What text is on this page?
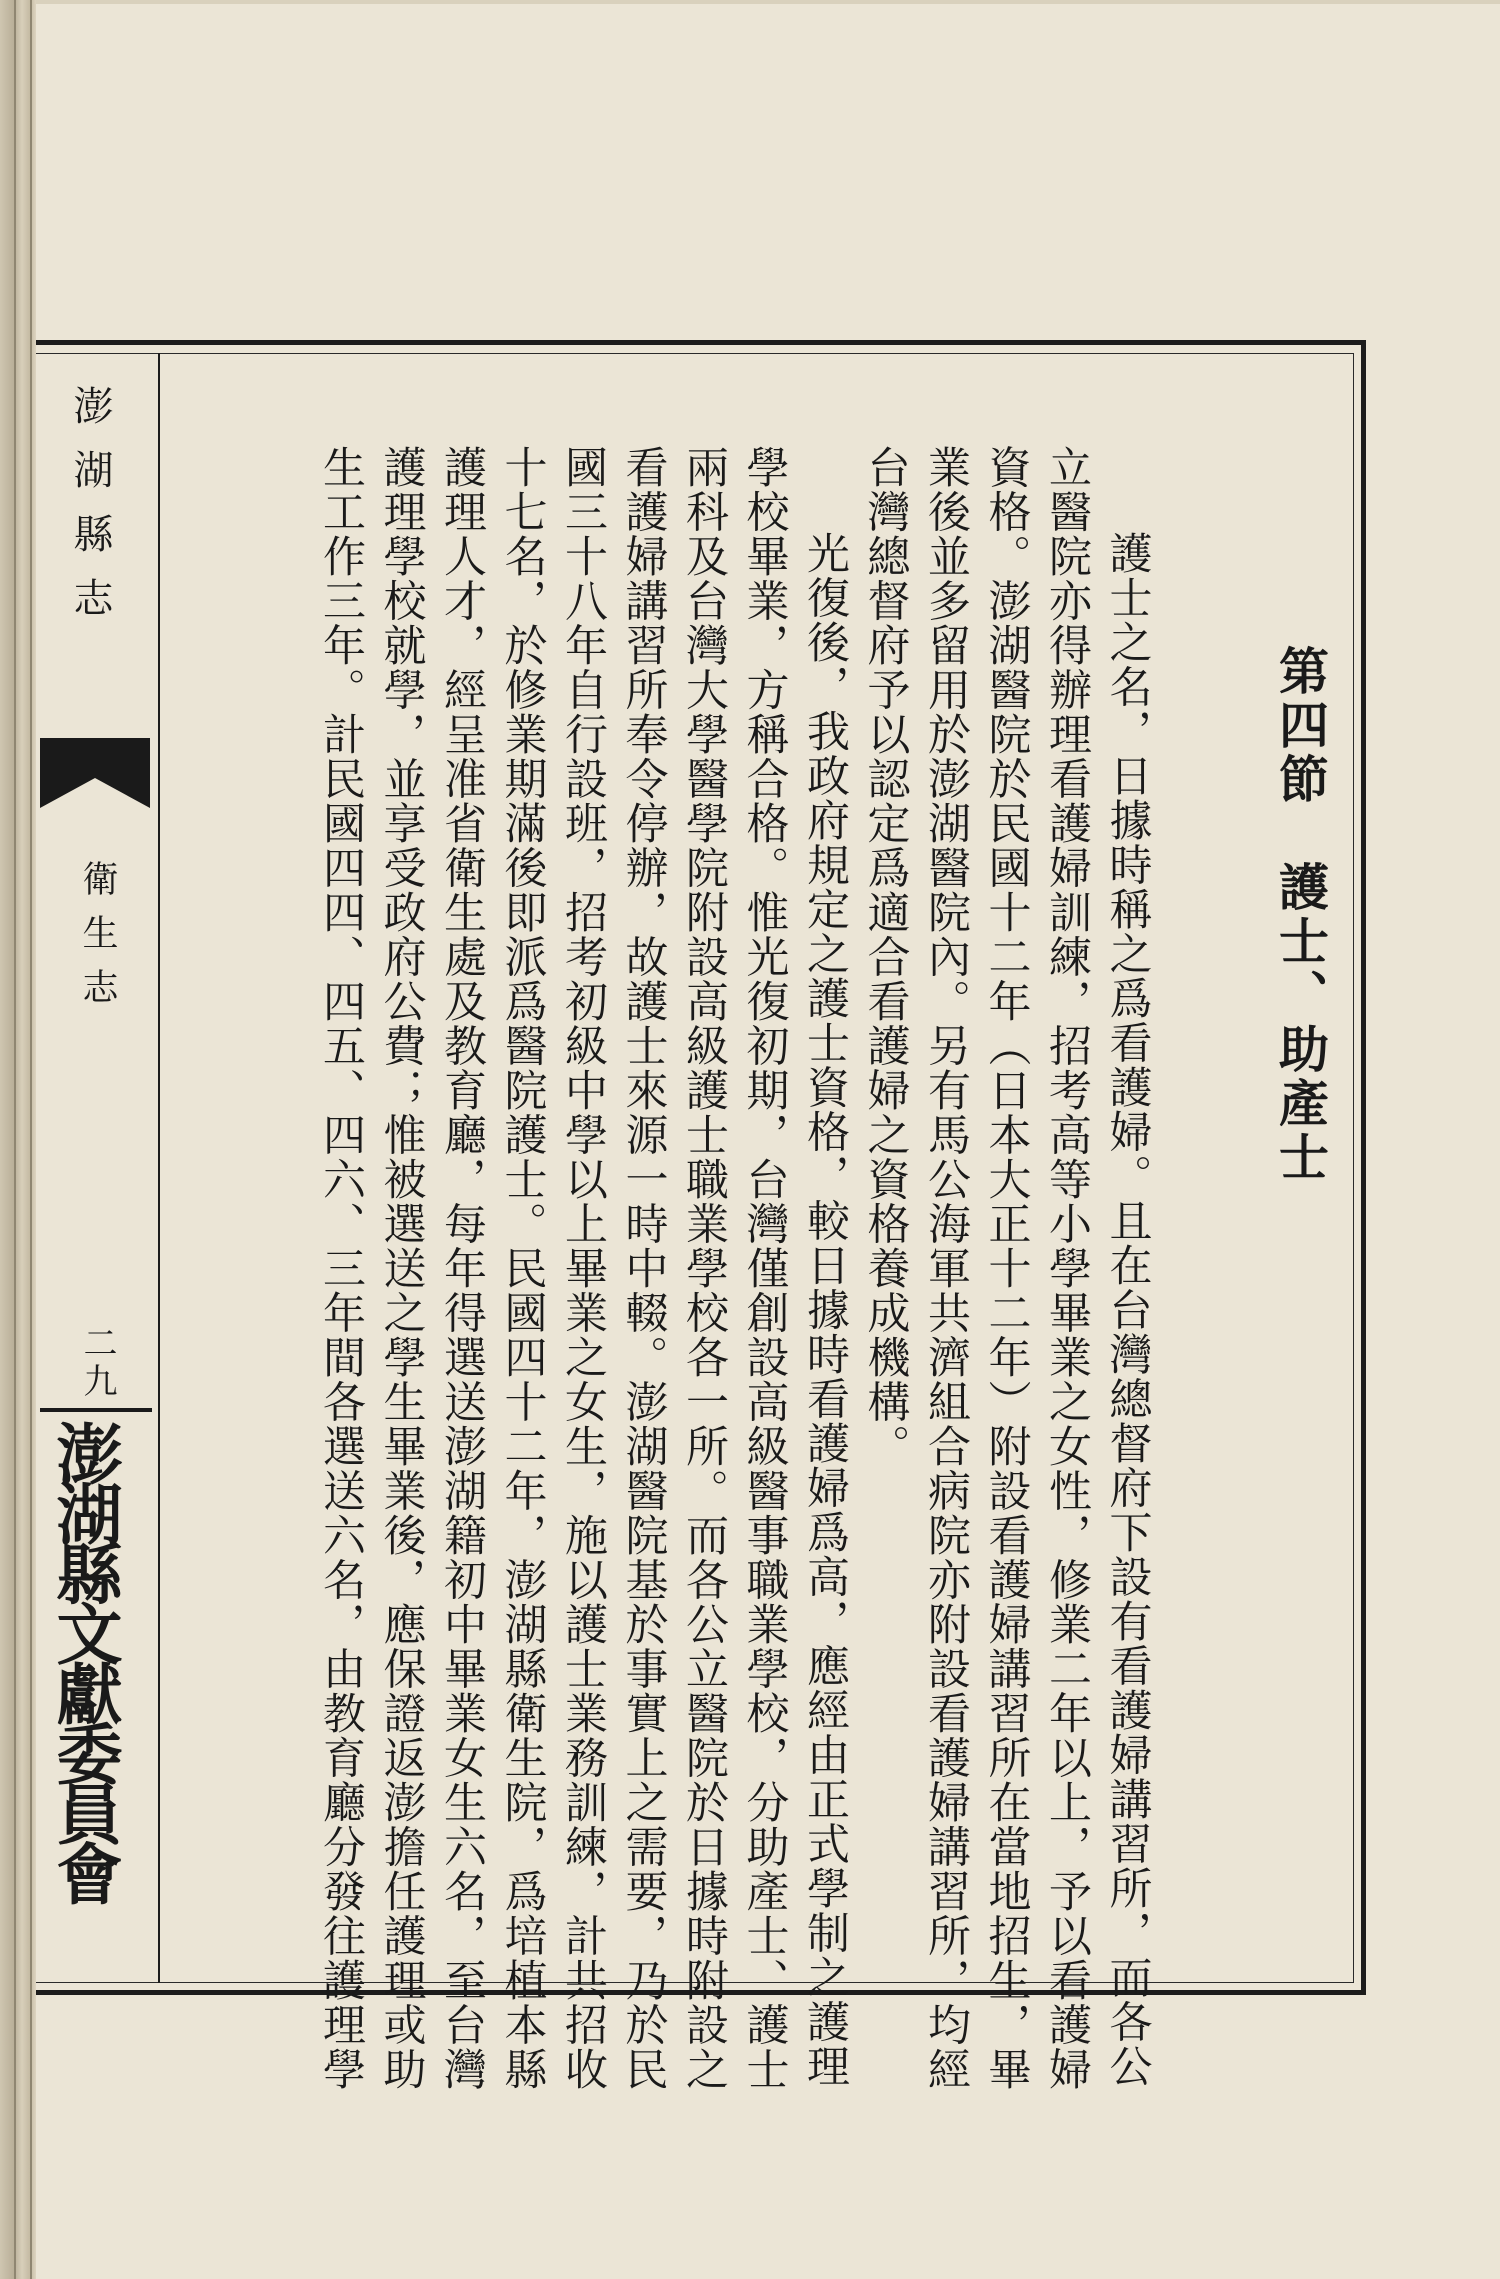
澎湖縣志
衛生志
二九
澎湖縣文獻委員會
第四節　護士、助產士
護士之名，日據時稱之爲看護婦。且在台灣總督府下設有看護婦講習所，而各公
立醫院亦得辦理看護婦訓練，招考高等小學畢業之女性，修業二年以上，予以看護婦
資格。澎湖醫院於民國十二年（日本大正十二年）附設看護婦講習所在當地招生，畢
業後並多留用於澎湖醫院內。另有馬公海軍共濟組合病院亦附設看護婦講習所，均經
台灣總督府予以認定爲適合看護婦之資格養成機構。
光復後，我政府規定之護士資格，較日據時看護婦爲高，應經由正式學制之護理
學校畢業，方稱合格。惟光復初期，台灣僅創設高級醫事職業學校，分助產士、護士
兩科及台灣大學醫學院附設高級護士職業學校各一所。而各公立醫院於日據時附設之
看護婦講習所奉令停辦，故護士來源一時中輟。澎湖醫院基於事實上之需要，乃於民
國三十八年自行設班，招考初級中學以上畢業之女生，施以護士業務訓練，計共招收
十七名，於修業期滿後即派爲醫院護士。民國四十二年，澎湖縣衛生院，爲培植本縣
護理人才，經呈准省衛生處及教育廳，每年得選送澎湖籍初中畢業女生六名，至台灣
護理學校就學，並享受政府公費；惟被選送之學生畢業後，應保證返澎擔任護理或助
生工作三年。計民國四四、四五、四六、三年間各選送六名，由教育廳分發往護理學
